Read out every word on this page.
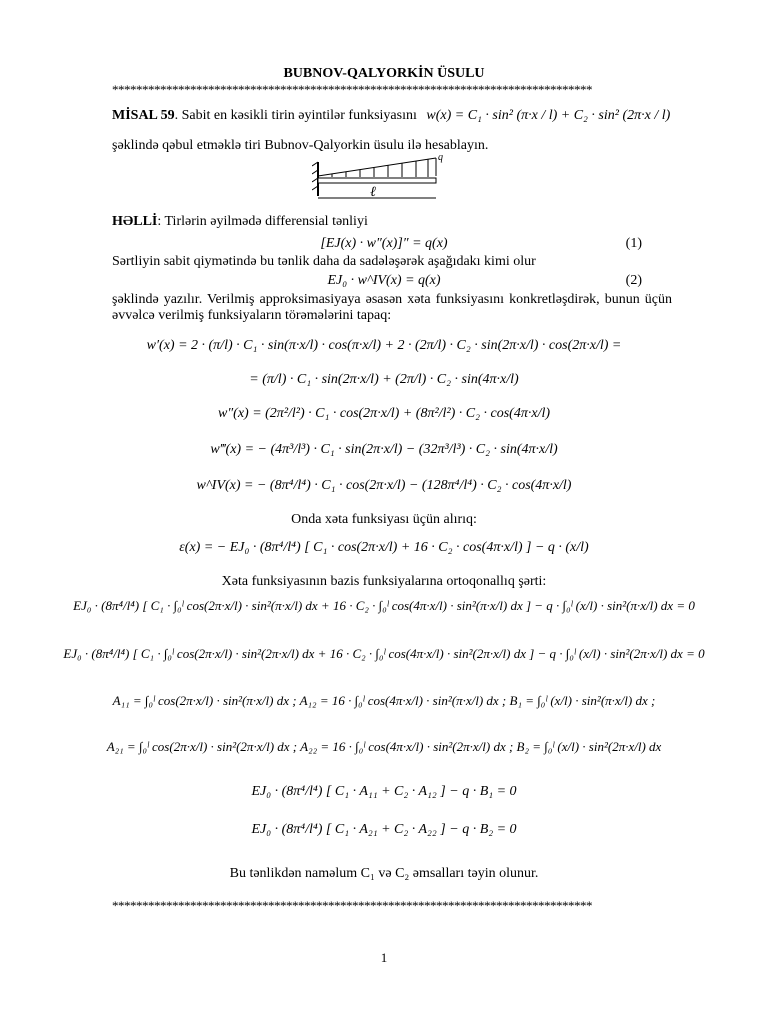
BUBNOV-QALYORKİN ÜSULU
********************************************************************************
MİSAL 59. Sabit en kəsikli tirin əyintilər funksiyasını w(x) = C₁ · sin² (π·x / l) + C₂ · sin² (2π·x / l)
şəklində qəbul etməklə tiri Bubnov-Qalyorkin üsulu ilə hesablayın.
q
ℓ
HƏLLİ: Tirlərin əyilmədə differensial tənliyi
[EJ(x) · w″(x)]″ = q(x)	(1)
Sərtliyin sabit qiymətində bu tənlik daha da sadələşərək aşağıdakı kimi olur
EJ₀ · w^IV(x) = q(x)	(2)
şəklində yazılır. Verilmiş approksimasiyaya əsasən xəta funksiyasını konkretləşdirək, bunun üçün əvvəlcə verilmiş funksiyaların törəmələrini tapaq:
w′(x) = 2 · (π/l) · C₁ · sin(π·x/l) · cos(π·x/l) + 2 · (2π/l) · C₂ · sin(2π·x/l) · cos(2π·x/l) =
= (π/l) · C₁ · sin(2π·x/l) + (2π/l) · C₂ · sin(4π·x/l)
w″(x) = (2π²/l²) · C₁ · cos(2π·x/l) + (8π²/l²) · C₂ · cos(4π·x/l)
w‴(x) = − (4π³/l³) · C₁ · sin(2π·x/l) − (32π³/l³) · C₂ · sin(4π·x/l)
w^IV(x) = − (8π⁴/l⁴) · C₁ · cos(2π·x/l) − (128π⁴/l⁴) · C₂ · cos(4π·x/l)
Onda xəta funksiyası üçün alırıq:
ε(x) = − EJ₀ · (8π⁴/l⁴) [ C₁ · cos(2π·x/l) + 16 · C₂ · cos(4π·x/l) ] − q · (x/l)
Xəta funksiyasının bazis funksiyalarına ortoqonallıq şərti:
EJ₀ · (8π⁴/l⁴) [ C₁ · ∫₀ˡ cos(2π·x/l) · sin²(π·x/l) dx + 16 · C₂ · ∫₀ˡ cos(4π·x/l) · sin²(π·x/l) dx ] − q · ∫₀ˡ (x/l) · sin²(π·x/l) dx = 0
EJ₀ · (8π⁴/l⁴) [ C₁ · ∫₀ˡ cos(2π·x/l) · sin²(2π·x/l) dx + 16 · C₂ · ∫₀ˡ cos(4π·x/l) · sin²(2π·x/l) dx ] − q · ∫₀ˡ (x/l) · sin²(2π·x/l) dx = 0
A₁₁ = ∫₀ˡ cos(2π·x/l) · sin²(π·x/l) dx ; A₁₂ = 16 · ∫₀ˡ cos(4π·x/l) · sin²(π·x/l) dx ; B₁ = ∫₀ˡ (x/l) · sin²(π·x/l) dx ;
A₂₁ = ∫₀ˡ cos(2π·x/l) · sin²(2π·x/l) dx ; A₂₂ = 16 · ∫₀ˡ cos(4π·x/l) · sin²(2π·x/l) dx ; B₂ = ∫₀ˡ (x/l) · sin²(2π·x/l) dx
EJ₀ · (8π⁴/l⁴) [ C₁ · A₁₁ + C₂ · A₁₂ ] − q · B₁ = 0
EJ₀ · (8π⁴/l⁴) [ C₁ · A₂₁ + C₂ · A₂₂ ] − q · B₂ = 0
Bu tənlikdən naməlum C₁ və C₂ əmsalları təyin olunur.
********************************************************************************
1
